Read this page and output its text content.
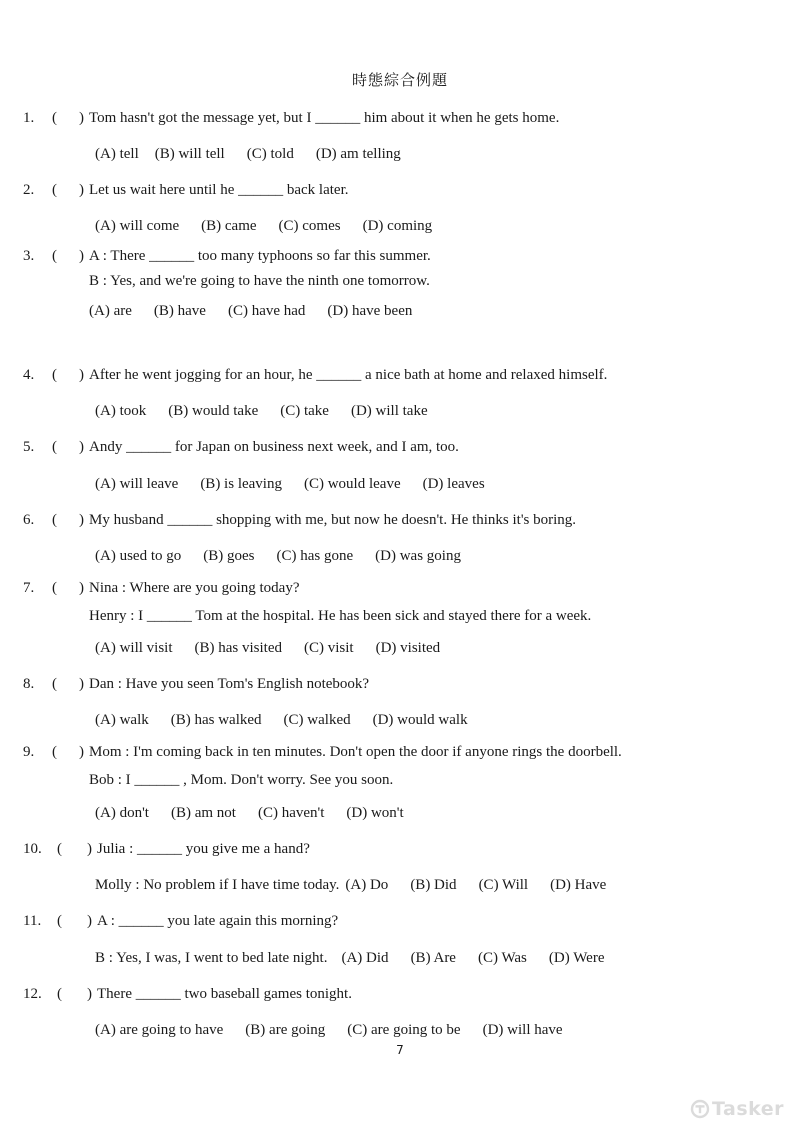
時態綜合例題
1. ( ) Tom hasn't got the message yet, but I ______ him about it when he gets home.
(A) tell (B) will tell (C) told (D) am telling
2. ( ) Let us wait here until he ______ back later.
(A) will come (B) came (C) comes (D) coming
3. ( ) A : There ______ too many typhoons so far this summer.
B : Yes, and we're going to have the ninth one tomorrow.
(A) are (B) have (C) have had (D) have been
4. ( ) After he went jogging for an hour, he ______ a nice bath at home and relaxed himself.
(A) took (B) would take (C) take (D) will take
5. ( ) Andy ______ for Japan on business next week, and I am, too.
(A) will leave (B) is leaving (C) would leave (D) leaves
6. ( ) My husband ______ shopping with me, but now he doesn't. He thinks it's boring.
(A) used to go (B) goes (C) has gone (D) was going
7. ( ) Nina : Where are you going today?
Henry : I ______ Tom at the hospital. He has been sick and stayed there for a week.
(A) will visit (B) has visited (C) visit (D) visited
8. ( ) Dan : Have you seen Tom's English notebook?
(A) walk (B) has walked (C) walked (D) would walk
9. ( ) Mom : I'm coming back in ten minutes. Don't open the door if anyone rings the doorbell.
Bob : I ______ , Mom. Don't worry. See you soon.
(A) don't (B) am not (C) haven't (D) won't
10. ( ) Julia : ______ you give me a hand?
Molly : No problem if I have time today. (A) Do (B) Did (C) Will (D) Have
11. ( ) A : ______ you late again this morning?
B : Yes, I was, I went to bed late night. (A) Did (B) Are (C) Was (D) Were
12. ( ) There ______ two baseball games tonight.
(A) are going to have (B) are going (C) are going to be (D) will have
7
Tasker
